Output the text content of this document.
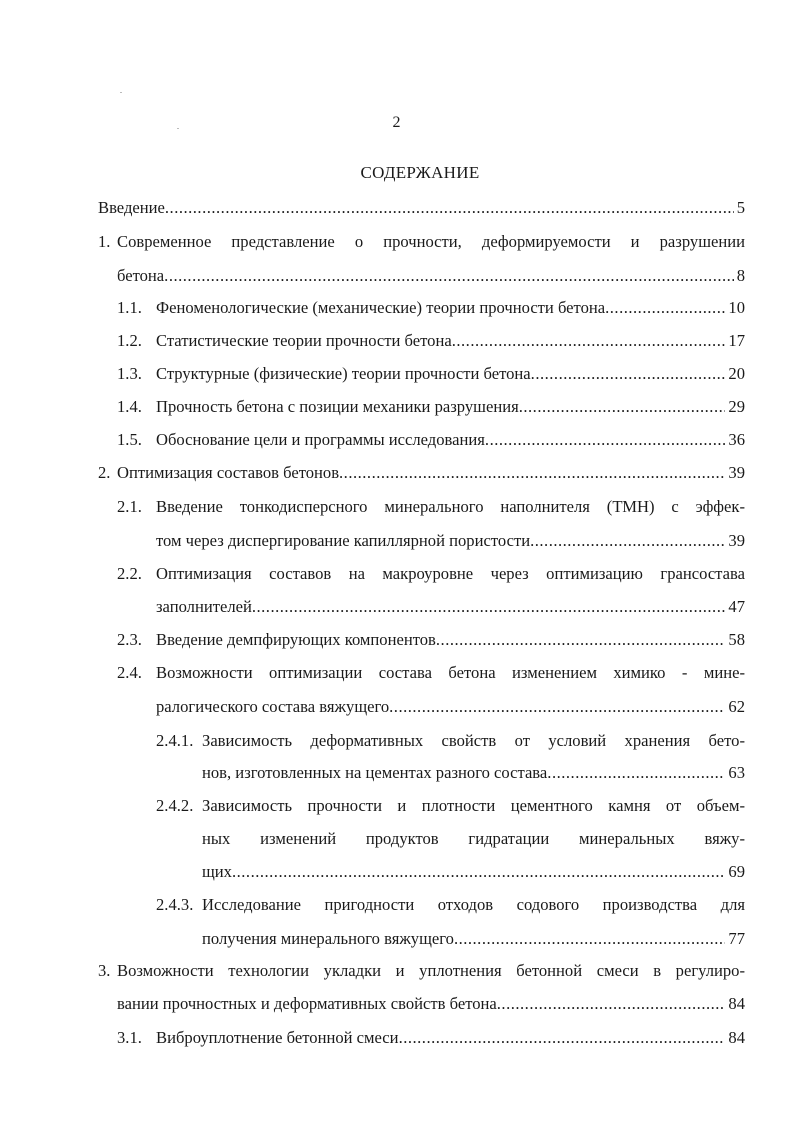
2
СОДЕРЖАНИЕ
Введение .....	5
1. Современное представление о прочности, деформируемости и разрушении
бетона .....	8
1.1. Феноменологические (механические) теории прочности бетона .....	10
1.2. Статистические теории прочности бетона .....	17
1.3. Структурные (физические) теории прочности бетона .....	20
1.4. Прочность бетона с позиции механики разрушения .....	29
1.5. Обоснование цели и программы исследования .....	36
2. Оптимизация составов бетонов .....	39
2.1. Введение тонкодисперсного минерального наполнителя (ТМН) с эффек-
том через диспергирование капиллярной пористости .....	39
2.2. Оптимизация составов на макроуровне через оптимизацию грансостава
заполнителей .....	47
2.3. Введение демпфирующих компонентов .....	58
2.4. Возможности оптимизации состава бетона изменением химико - мине-
ралогического состава вяжущего .....	62
2.4.1. Зависимость деформативных свойств от условий хранения бето-
нов, изготовленных на цементах разного состава .....	63
2.4.2. Зависимость прочности и плотности цементного камня от объем-
ных изменений продуктов гидратации минеральных вяжу-
щих .....	69
2.4.3. Исследование пригодности отходов содового производства для
получения минерального вяжущего .....	77
3. Возможности технологии укладки и уплотнения бетонной смеси в регулиро-
вании прочностных и деформативных свойств бетона .....	84
3.1. Виброуплотнение бетонной смеси .....	84
